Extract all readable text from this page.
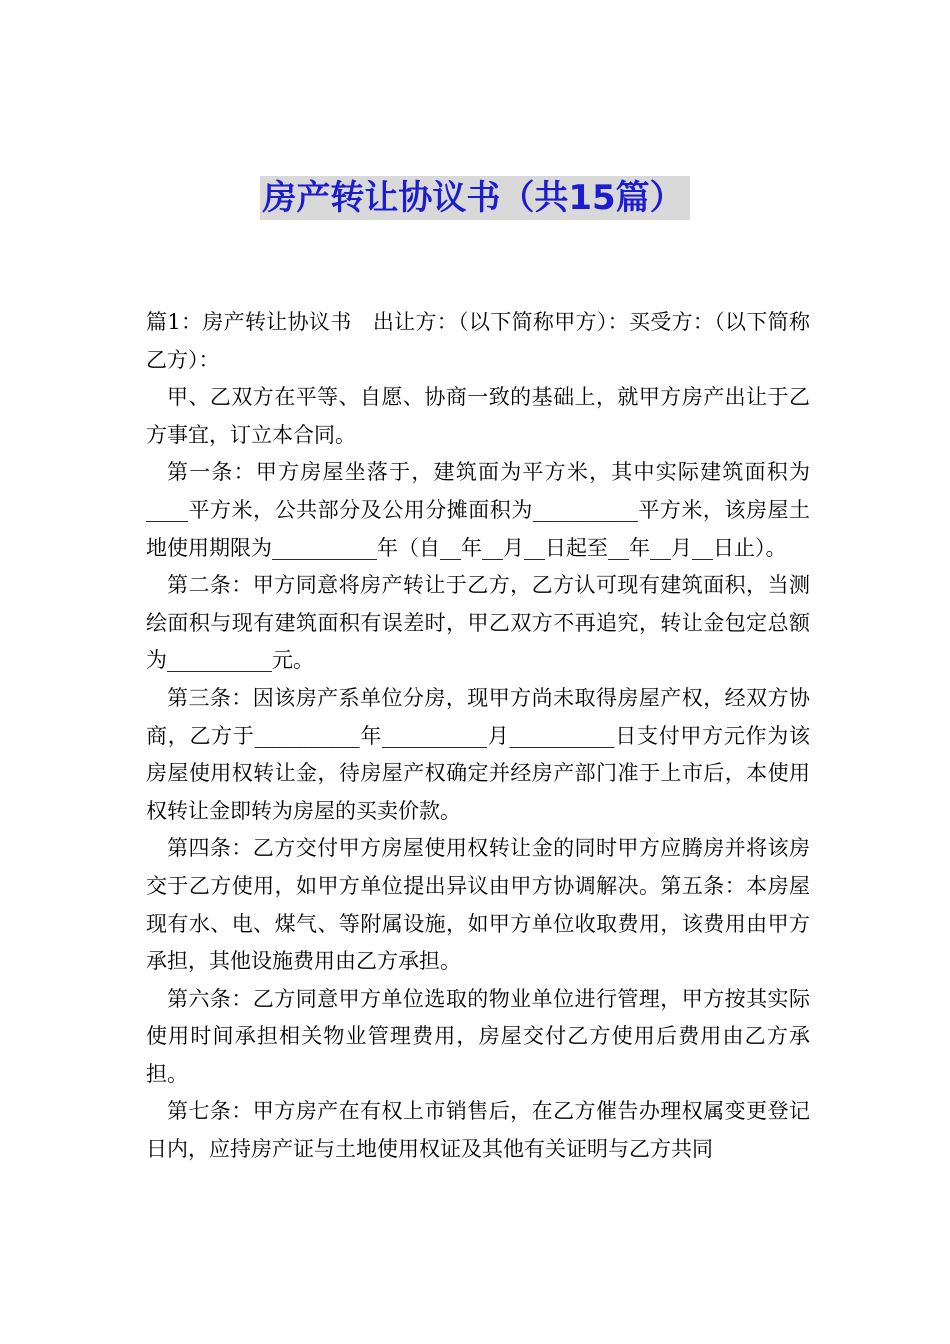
房产转让协议书（共15篇）

篇1：房产转让协议书　出让方：（以下简称甲方）：买受方：（以下简称乙方）：

甲、乙双方在平等、自愿、协商一致的基础上，就甲方房产出让于乙方事宜，订立本合同。

第一条：甲方房屋坐落于，建筑面为平方米，其中实际建筑面积为____平方米，公共部分及公用分摊面积为__________平方米，该房屋土地使用期限为__________年（自__年__月__日起至__年__月__日止）。

第二条：甲方同意将房产转让于乙方，乙方认可现有建筑面积，当测绘面积与现有建筑面积有误差时，甲乙双方不再追究，转让金包定总额为__________元。

第三条：因该房产系单位分房，现甲方尚未取得房屋产权，经双方协商，乙方于__________年__________月__________日支付甲方元作为该房屋使用权转让金，待房屋产权确定并经房产部门准于上市后，本使用权转让金即转为房屋的买卖价款。

第四条：乙方交付甲方房屋使用权转让金的同时甲方应腾房并将该房交于乙方使用，如甲方单位提出异议由甲方协调解决。第五条：本房屋现有水、电、煤气、等附属设施，如甲方单位收取费用，该费用由甲方承担，其他设施费用由乙方承担。

第六条：乙方同意甲方单位选取的物业单位进行管理，甲方按其实际使用时间承担相关物业管理费用，房屋交付乙方使用后费用由乙方承担。

第七条：甲方房产在有权上市销售后，在乙方催告办理权属变更登记日内，应持房产证与土地使用权证及其他有关证明与乙方共同
